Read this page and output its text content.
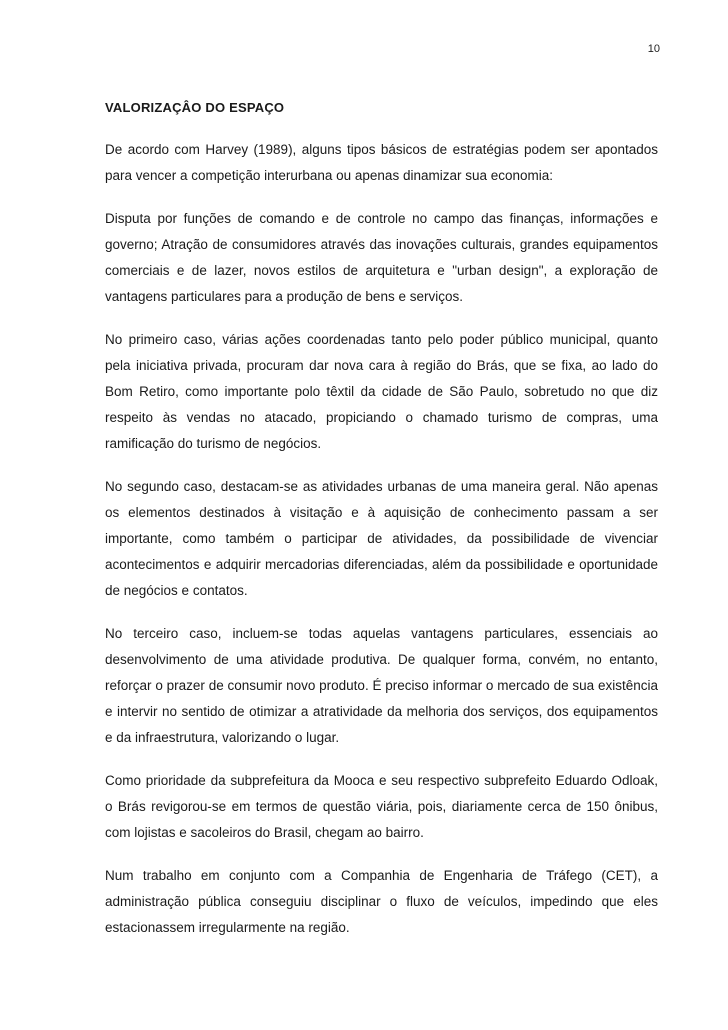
10
VALORIZAÇÂO DO ESPAÇO

De acordo com Harvey (1989), alguns tipos básicos de estratégias podem ser apontados para vencer a competição interurbana ou apenas dinamizar sua economia:

Disputa por funções de comando e de controle no campo das finanças, informações e governo; Atração de consumidores através das inovações culturais, grandes equipamentos comerciais e de lazer, novos estilos de arquitetura e "urban design", a exploração de vantagens particulares para a produção de bens e serviços.

No primeiro caso, várias ações coordenadas tanto pelo poder público municipal, quanto pela iniciativa privada, procuram dar nova cara à região do Brás, que se fixa, ao lado do Bom Retiro, como importante polo têxtil da cidade de São Paulo, sobretudo no que diz respeito às vendas no atacado, propiciando o chamado turismo de compras, uma ramificação do turismo de negócios.

No segundo caso, destacam-se as atividades urbanas de uma maneira geral. Não apenas os elementos destinados à visitação e à aquisição de conhecimento passam a ser importante, como também o participar de atividades, da possibilidade de vivenciar acontecimentos e adquirir mercadorias diferenciadas, além da possibilidade e oportunidade de negócios e contatos.

No terceiro caso, incluem-se todas aquelas vantagens particulares, essenciais ao desenvolvimento de uma atividade produtiva. De qualquer forma, convém, no entanto, reforçar o prazer de consumir novo produto. É preciso informar o mercado de sua existência e intervir no sentido de otimizar a atratividade da melhoria dos serviços, dos equipamentos e da infraestrutura, valorizando o lugar.

Como prioridade da subprefeitura da Mooca e seu respectivo subprefeito Eduardo Odloak, o Brás revigorou-se em termos de questão viária, pois, diariamente cerca de 150 ônibus, com lojistas e sacoleiros do Brasil, chegam ao bairro.

Num trabalho em conjunto com a Companhia de Engenharia de Tráfego (CET), a administração pública conseguiu disciplinar o fluxo de veículos, impedindo que eles estacionassem irregularmente na região.
